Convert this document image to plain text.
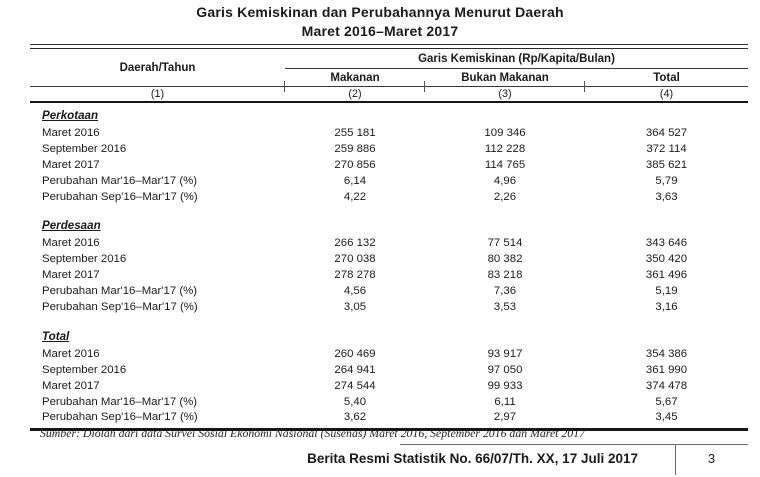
Garis Kemiskinan dan Perubahannya Menurut Daerah
Maret 2016–Maret 2017
Daerah/Tahun
Garis Kemiskinan (Rp/Kapita/Bulan)
Makanan	Bukan Makanan	Total
(1)	(2)	(3)	(4)
Perkotaan
Maret 2016	255 181	109 346	364 527
September 2016	259 886	112 228	372 114
Maret 2017	270 856	114 765	385 621
Perubahan Mar'16–Mar'17 (%)	6,14	4,96	5,79
Perubahan Sep'16–Mar'17 (%)	4,22	2,26	3,63
Perdesaan
Maret 2016	266 132	77 514	343 646
September 2016	270 038	80 382	350 420
Maret 2017	278 278	83 218	361 496
Perubahan Mar'16–Mar'17 (%)	4,56	7,36	5,19
Perubahan Sep'16–Mar'17 (%)	3,05	3,53	3,16
Total
Maret 2016	260 469	93 917	354 386
September 2016	264 941	97 050	361 990
Maret 2017	274 544	99 933	374 478
Perubahan Mar'16–Mar'17 (%)	5,40	6,11	5,67
Perubahan Sep'16–Mar'17 (%)	3,62	2,97	3,45
Sumber: Diolah dari data Survei Sosial Ekonomi Nasional (Susenas) Maret 2016, September 2016 dan Maret 2017
Berita Resmi Statistik No. 66/07/Th. XX, 17 Juli 2017	3
